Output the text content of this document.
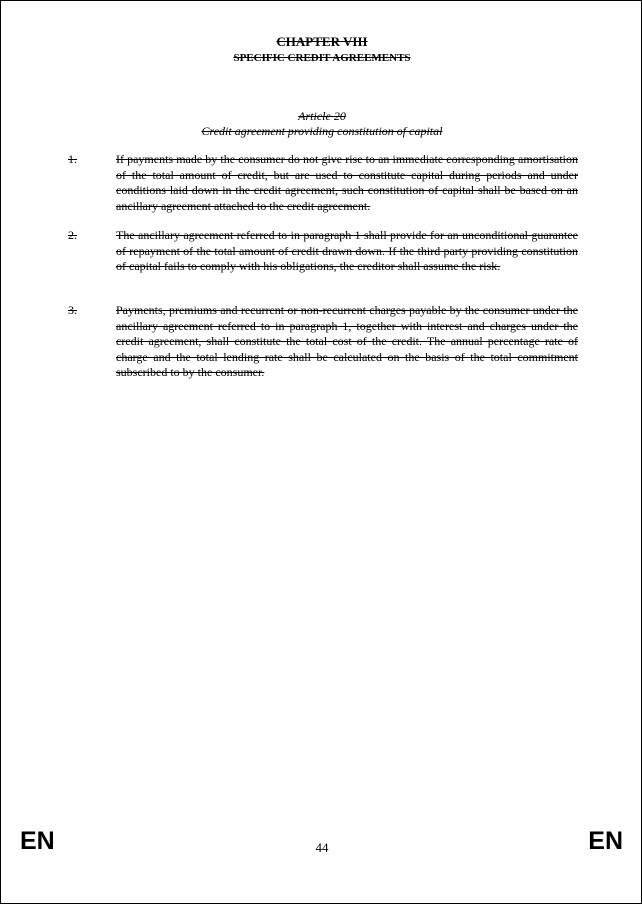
CHAPTER VIII
SPECIFIC CREDIT AGREEMENTS
Article 20
Credit agreement providing constitution of capital
1.	If payments made by the consumer do not give rise to an immediate corresponding amortisation of the total amount of credit, but are used to constitute capital during periods and under conditions laid down in the credit agreement, such constitution of capital shall be based on an ancillary agreement attached to the credit agreement.
2.	The ancillary agreement referred to in paragraph 1 shall provide for an unconditional guarantee of repayment of the total amount of credit drawn down. If the third party providing constitution of capital fails to comply with his obligations, the creditor shall assume the risk.
3.	Payments, premiums and recurrent or non-recurrent charges payable by the consumer under the ancillary agreement referred to in paragraph 1, together with interest and charges under the credit agreement, shall constitute the total cost of the credit. The annual percentage rate of charge and the total lending rate shall be calculated on the basis of the total commitment subscribed to by the consumer.
EN	44	EN
